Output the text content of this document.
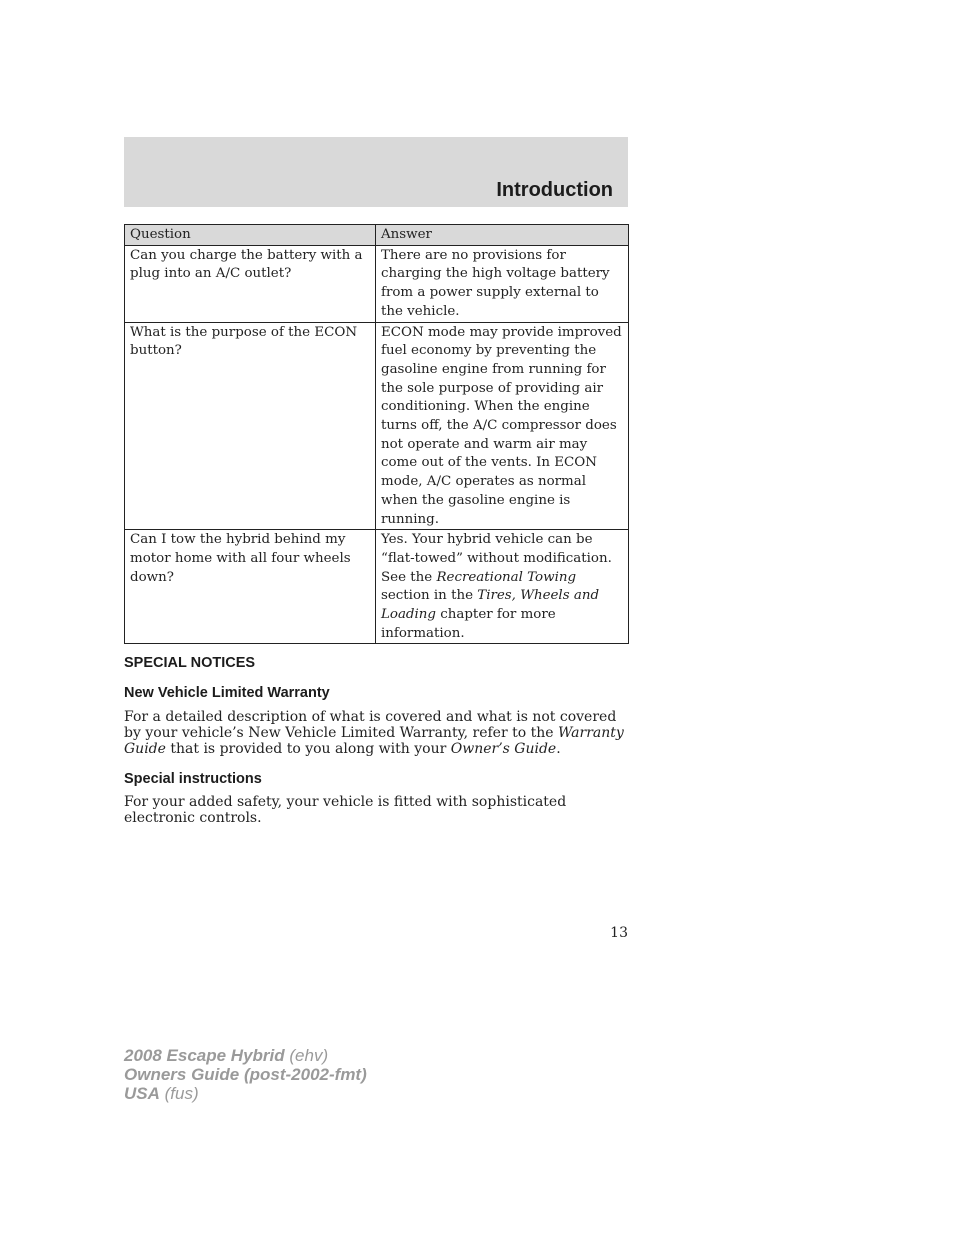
Introduction
Question	Answer
Can you charge the battery with a plug into an A/C outlet?	There are no provisions for charging the high voltage battery from a power supply external to the vehicle.
What is the purpose of the ECON button?	ECON mode may provide improved fuel economy by preventing the gasoline engine from running for the sole purpose of providing air conditioning. When the engine turns off, the A/C compressor does not operate and warm air may come out of the vents. In ECON mode, A/C operates as normal when the gasoline engine is running.
Can I tow the hybrid behind my motor home with all four wheels down?	Yes. Your hybrid vehicle can be “flat-towed” without modification. See the Recreational Towing section in the Tires, Wheels and Loading chapter for more information.
SPECIAL NOTICES
New Vehicle Limited Warranty
For a detailed description of what is covered and what is not covered by your vehicle’s New Vehicle Limited Warranty, refer to the Warranty Guide that is provided to you along with your Owner’s Guide.
Special instructions
For your added safety, your vehicle is fitted with sophisticated electronic controls.
13
2008 Escape Hybrid (ehv)
Owners Guide (post-2002-fmt)
USA (fus)
